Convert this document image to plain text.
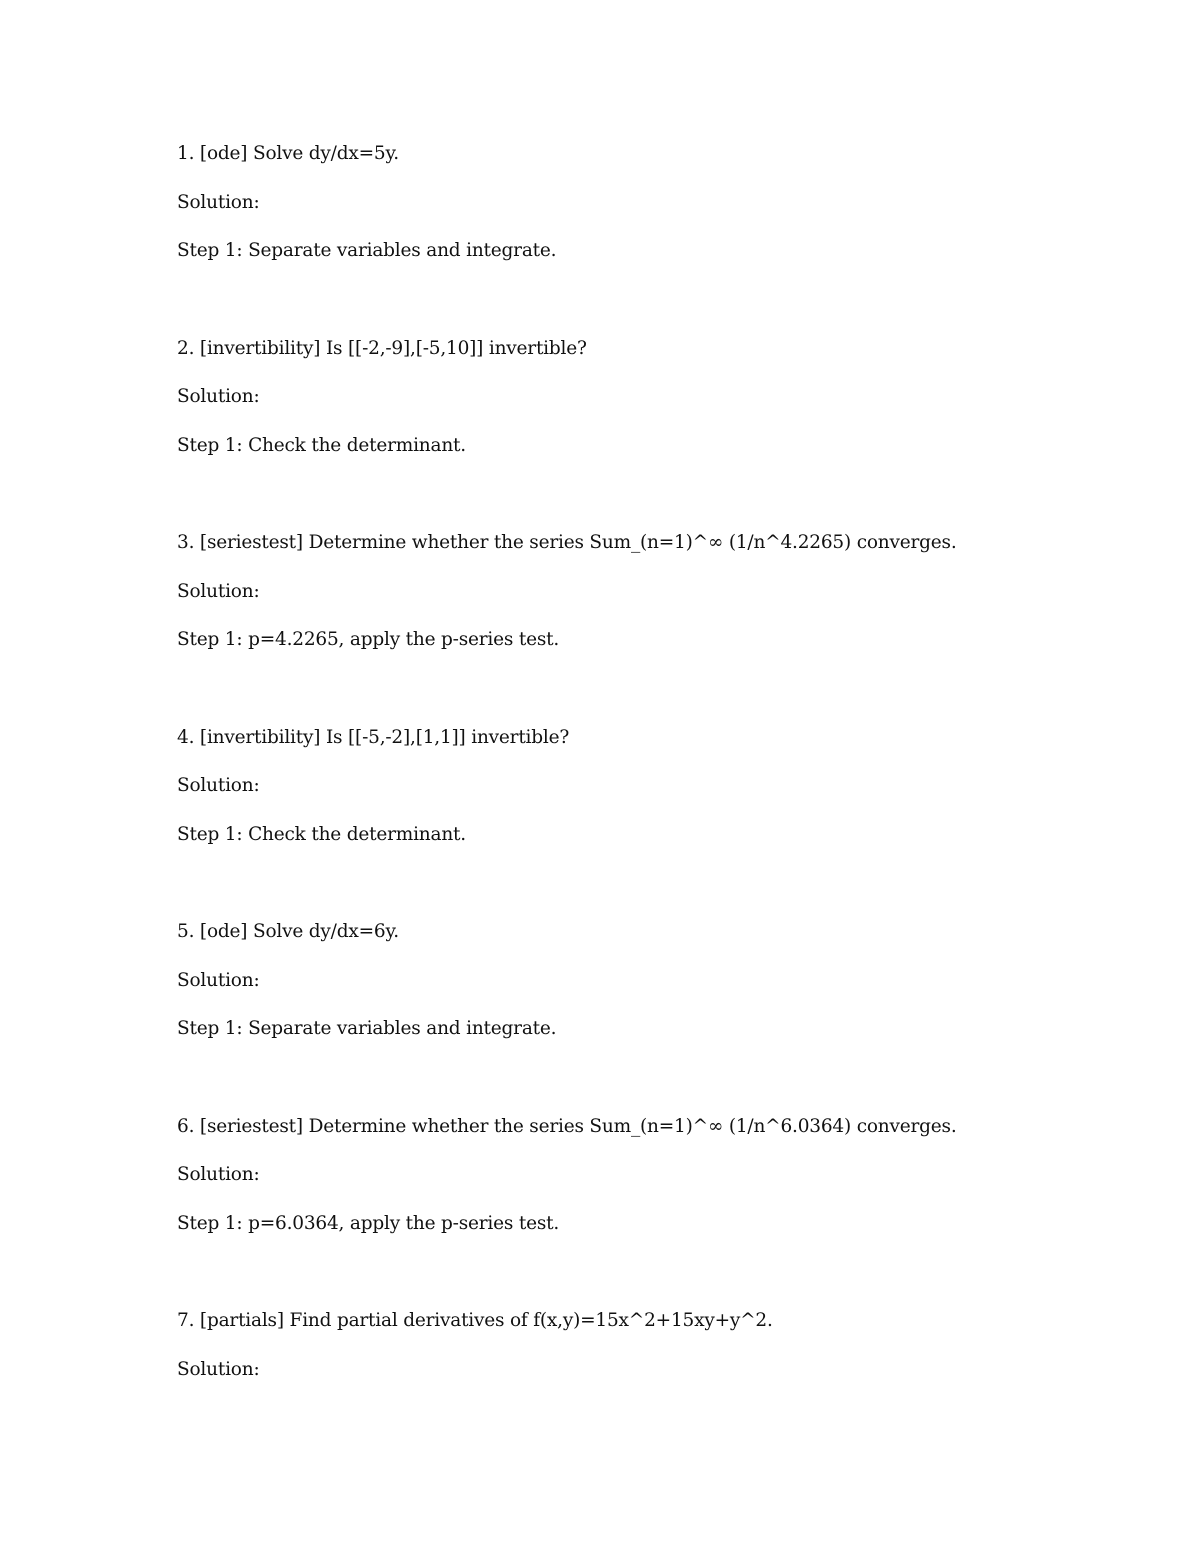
1. [ode] Solve dy/dx=5y.
Solution:
Step 1: Separate variables and integrate.
2. [invertibility] Is [[-2,-9],[-5,10]] invertible?
Solution:
Step 1: Check the determinant.
3. [seriestest] Determine whether the series Sum_(n=1)^∞ (1/n^4.2265) converges.
Solution:
Step 1: p=4.2265, apply the p-series test.
4. [invertibility] Is [[-5,-2],[1,1]] invertible?
Solution:
Step 1: Check the determinant.
5. [ode] Solve dy/dx=6y.
Solution:
Step 1: Separate variables and integrate.
6. [seriestest] Determine whether the series Sum_(n=1)^∞ (1/n^6.0364) converges.
Solution:
Step 1: p=6.0364, apply the p-series test.
7. [partials] Find partial derivatives of f(x,y)=15x^2+15xy+y^2.
Solution:
